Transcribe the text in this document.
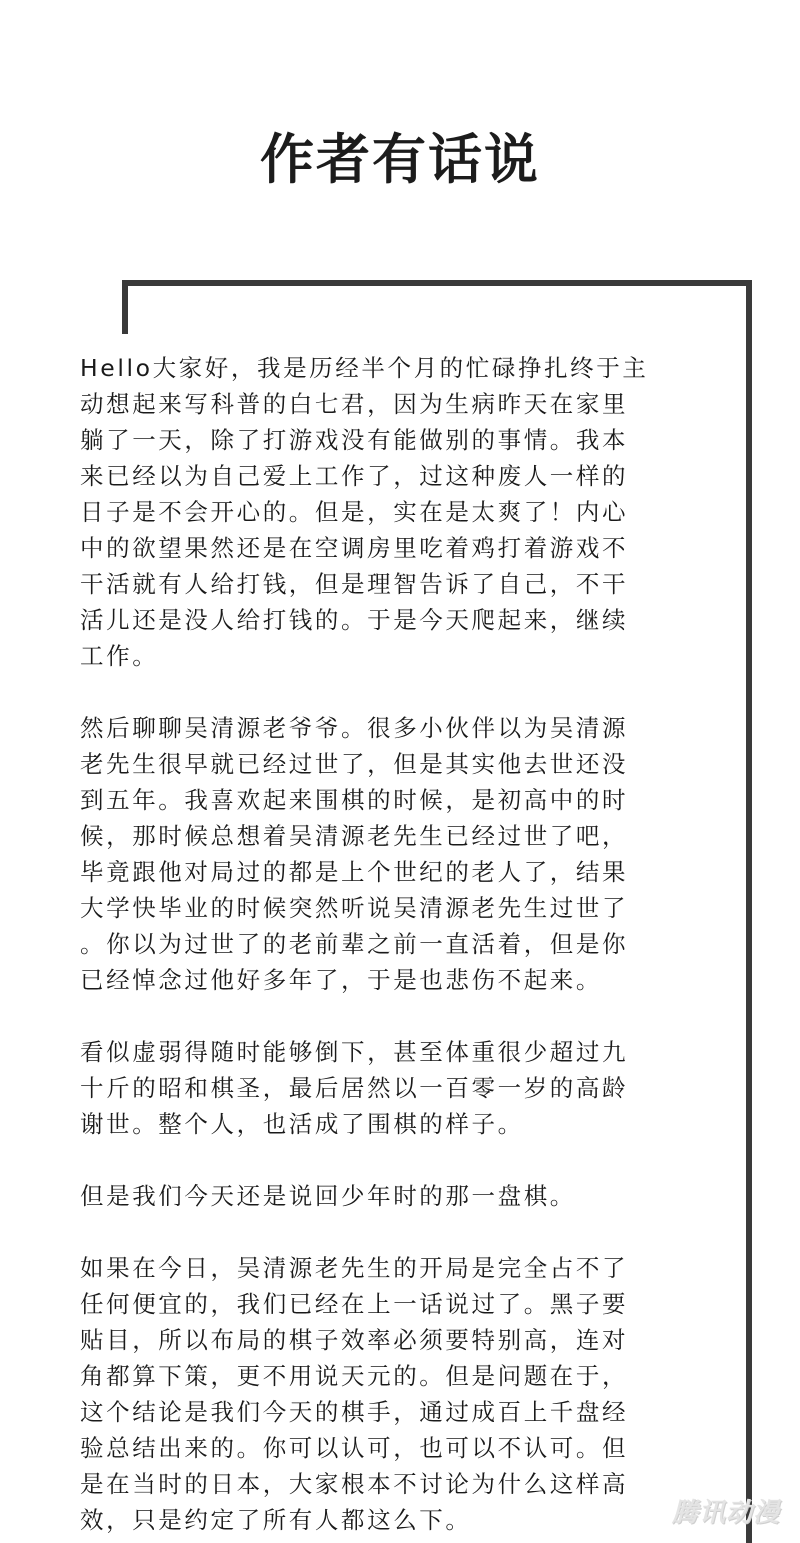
作者有话说
Hello大家好，我是历经半个月的忙碌挣扎终于主
动想起来写科普的白七君，因为生病昨天在家里
躺了一天，除了打游戏没有能做别的事情。我本
来已经以为自己爱上工作了，过这种废人一样的
日子是不会开心的。但是，实在是太爽了！内心
中的欲望果然还是在空调房里吃着鸡打着游戏不
干活就有人给打钱，但是理智告诉了自己，不干
活儿还是没人给打钱的。于是今天爬起来，继续
工作。
然后聊聊吴清源老爷爷。很多小伙伴以为吴清源
老先生很早就已经过世了，但是其实他去世还没
到五年。我喜欢起来围棋的时候，是初高中的时
候，那时候总想着吴清源老先生已经过世了吧，
毕竟跟他对局过的都是上个世纪的老人了，结果
大学快毕业的时候突然听说吴清源老先生过世了
。你以为过世了的老前辈之前一直活着，但是你
已经悼念过他好多年了，于是也悲伤不起来。
看似虚弱得随时能够倒下，甚至体重很少超过九
十斤的昭和棋圣，最后居然以一百零一岁的高龄
谢世。整个人，也活成了围棋的样子。
但是我们今天还是说回少年时的那一盘棋。
如果在今日，吴清源老先生的开局是完全占不了
任何便宜的，我们已经在上一话说过了。黑子要
贴目，所以布局的棋子效率必须要特别高，连对
角都算下策，更不用说天元的。但是问题在于，
这个结论是我们今天的棋手，通过成百上千盘经
验总结出来的。你可以认可，也可以不认可。但
是在当时的日本，大家根本不讨论为什么这样高
效，只是约定了所有人都这么下。	腾讯动漫
